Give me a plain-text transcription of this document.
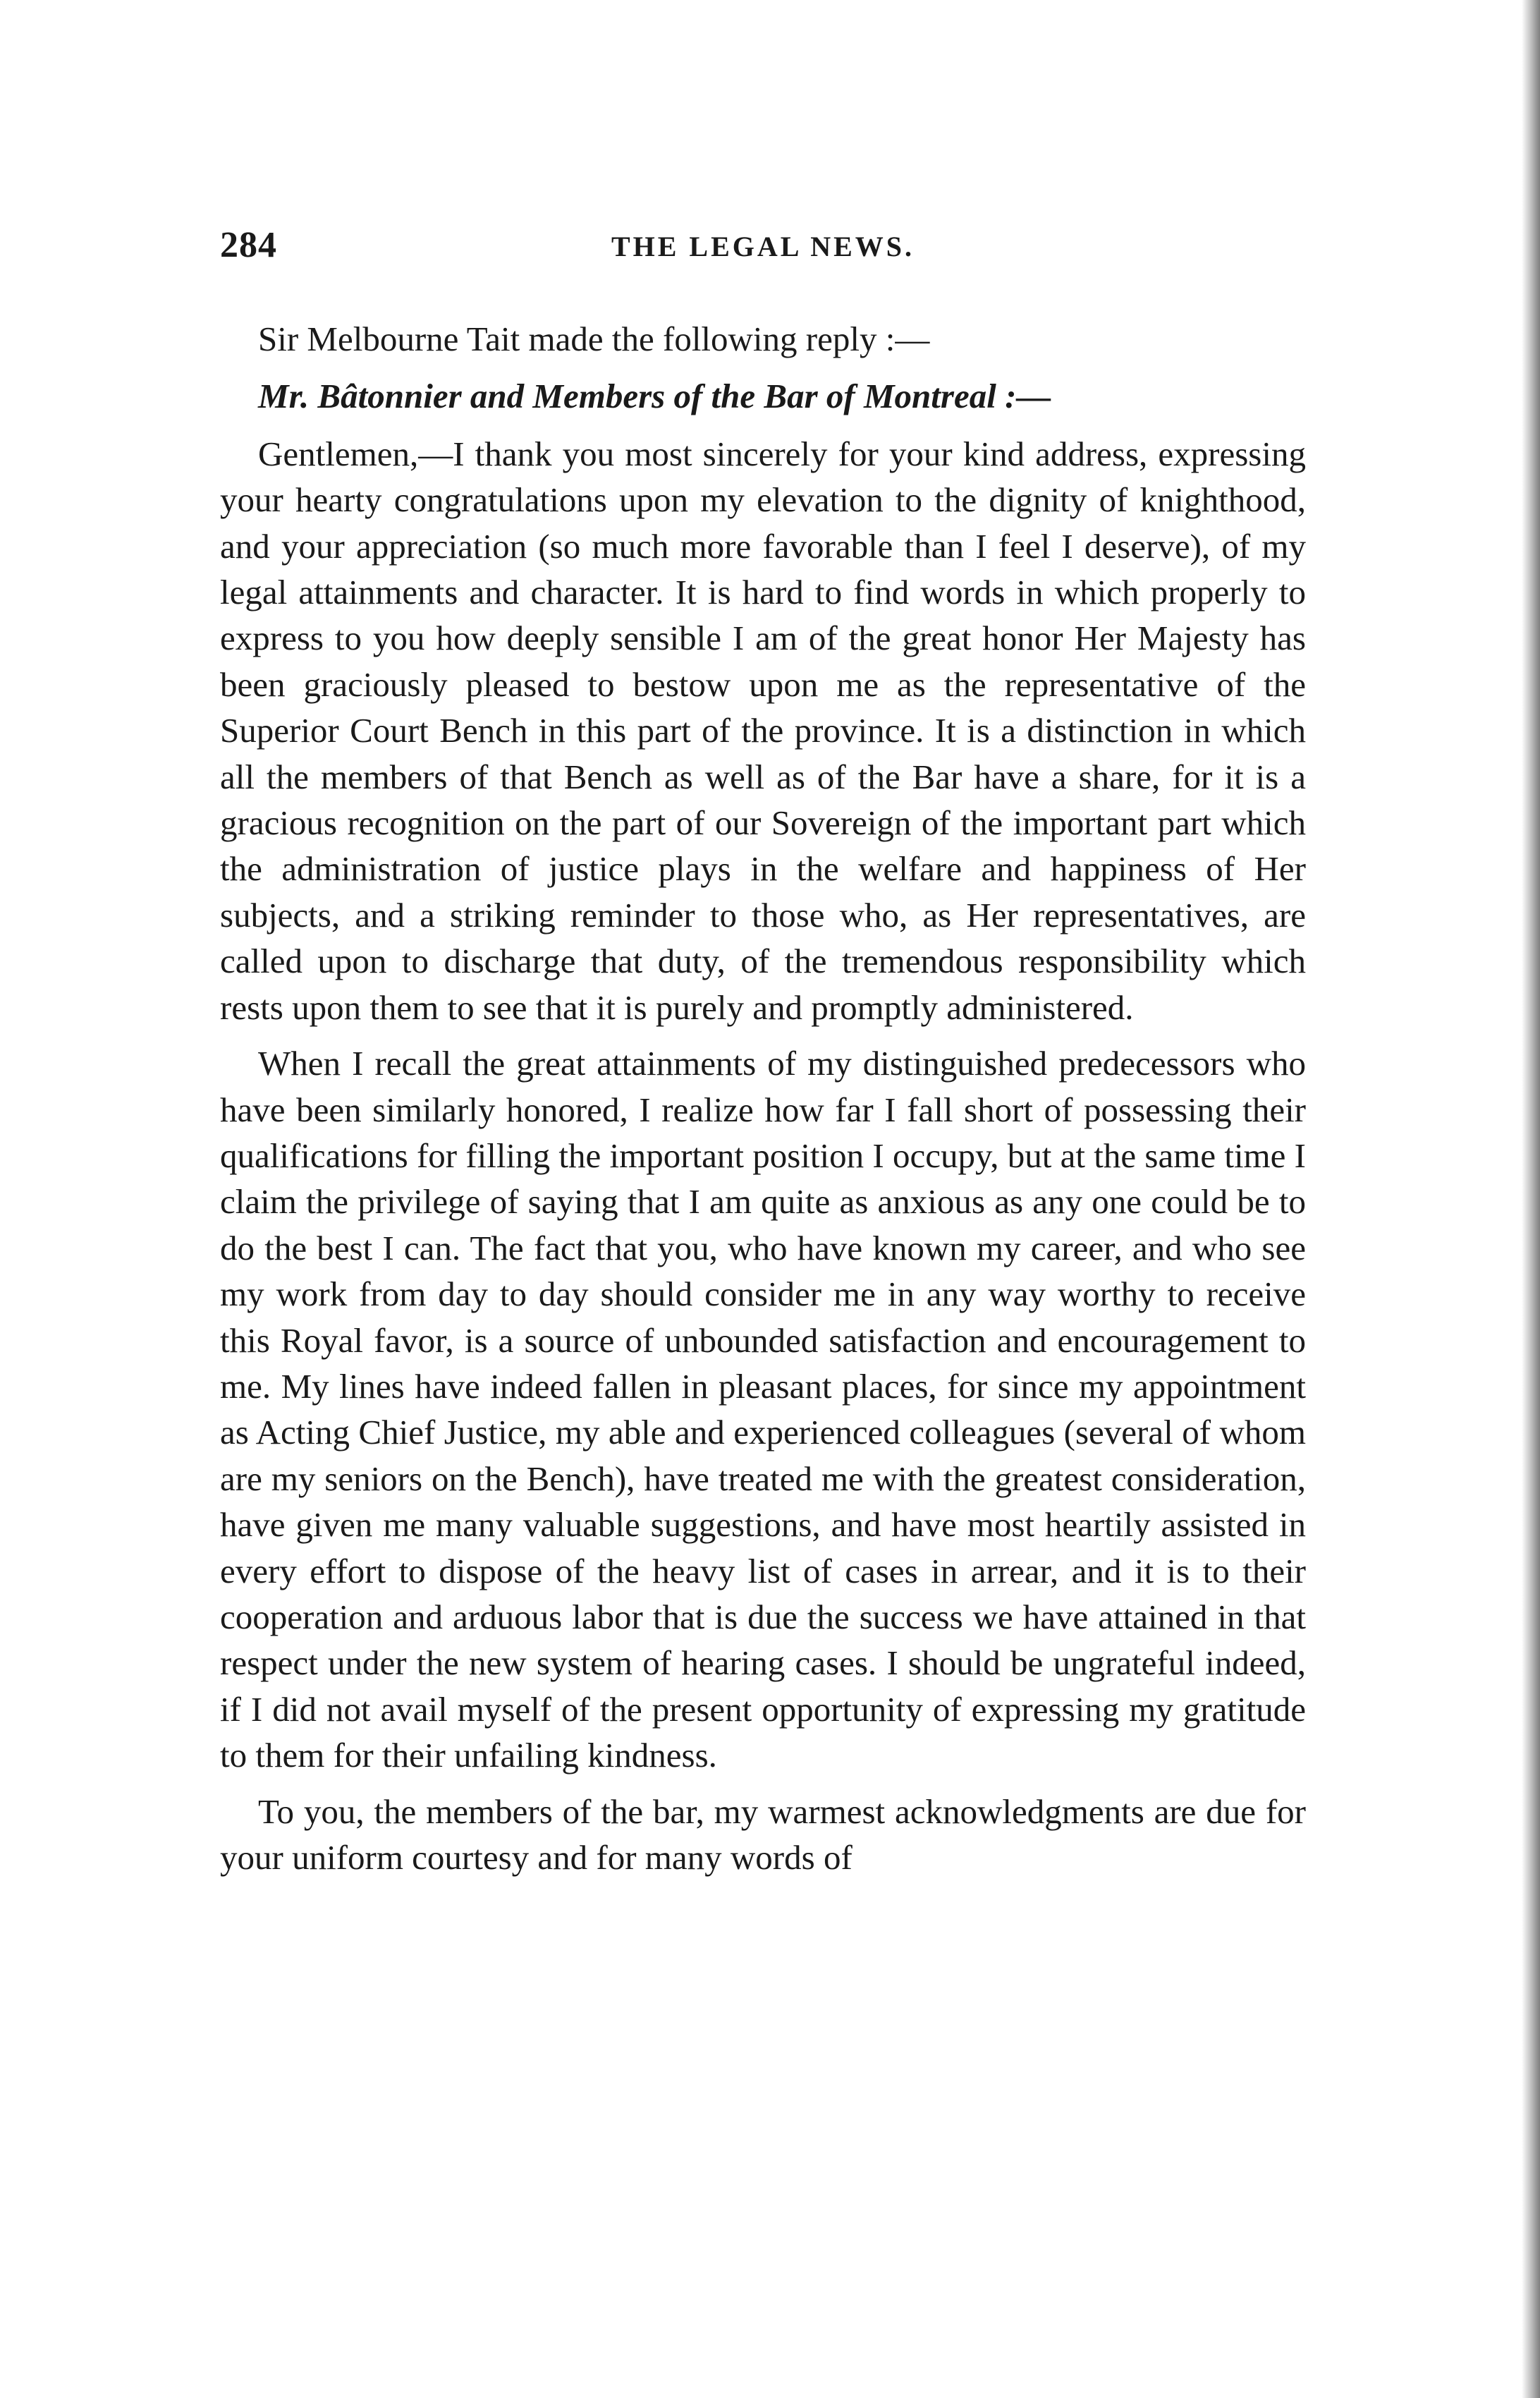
284	THE LEGAL NEWS.

Sir Melbourne Tait made the following reply :—

Mr. Bâtonnier and Members of the Bar of Montreal :—

Gentlemen,—I thank you most sincerely for your kind address, expressing your hearty congratulations upon my elevation to the dignity of knighthood, and your appreciation (so much more favorable than I feel I deserve), of my legal attainments and character. It is hard to find words in which properly to express to you how deeply sensible I am of the great honor Her Majesty has been graciously pleased to bestow upon me as the representative of the Superior Court Bench in this part of the province. It is a distinction in which all the members of that Bench as well as of the Bar have a share, for it is a gracious recognition on the part of our Sovereign of the important part which the administration of justice plays in the welfare and happiness of Her subjects, and a striking reminder to those who, as Her representatives, are called upon to discharge that duty, of the tremendous responsibility which rests upon them to see that it is purely and promptly administered.

When I recall the great attainments of my distinguished predecessors who have been similarly honored, I realize how far I fall short of possessing their qualifications for filling the important position I occupy, but at the same time I claim the privilege of saying that I am quite as anxious as any one could be to do the best I can. The fact that you, who have known my career, and who see my work from day to day should consider me in any way worthy to receive this Royal favor, is a source of unbounded satisfaction and encouragement to me. My lines have indeed fallen in pleasant places, for since my appointment as Acting Chief Justice, my able and experienced colleagues (several of whom are my seniors on the Bench), have treated me with the greatest consideration, have given me many valuable suggestions, and have most heartily assisted in every effort to dispose of the heavy list of cases in arrear, and it is to their cooperation and arduous labor that is due the success we have attained in that respect under the new system of hearing cases. I should be ungrateful indeed, if I did not avail myself of the present opportunity of expressing my gratitude to them for their unfailing kindness.

To you, the members of the bar, my warmest acknowledgments are due for your uniform courtesy and for many words of
